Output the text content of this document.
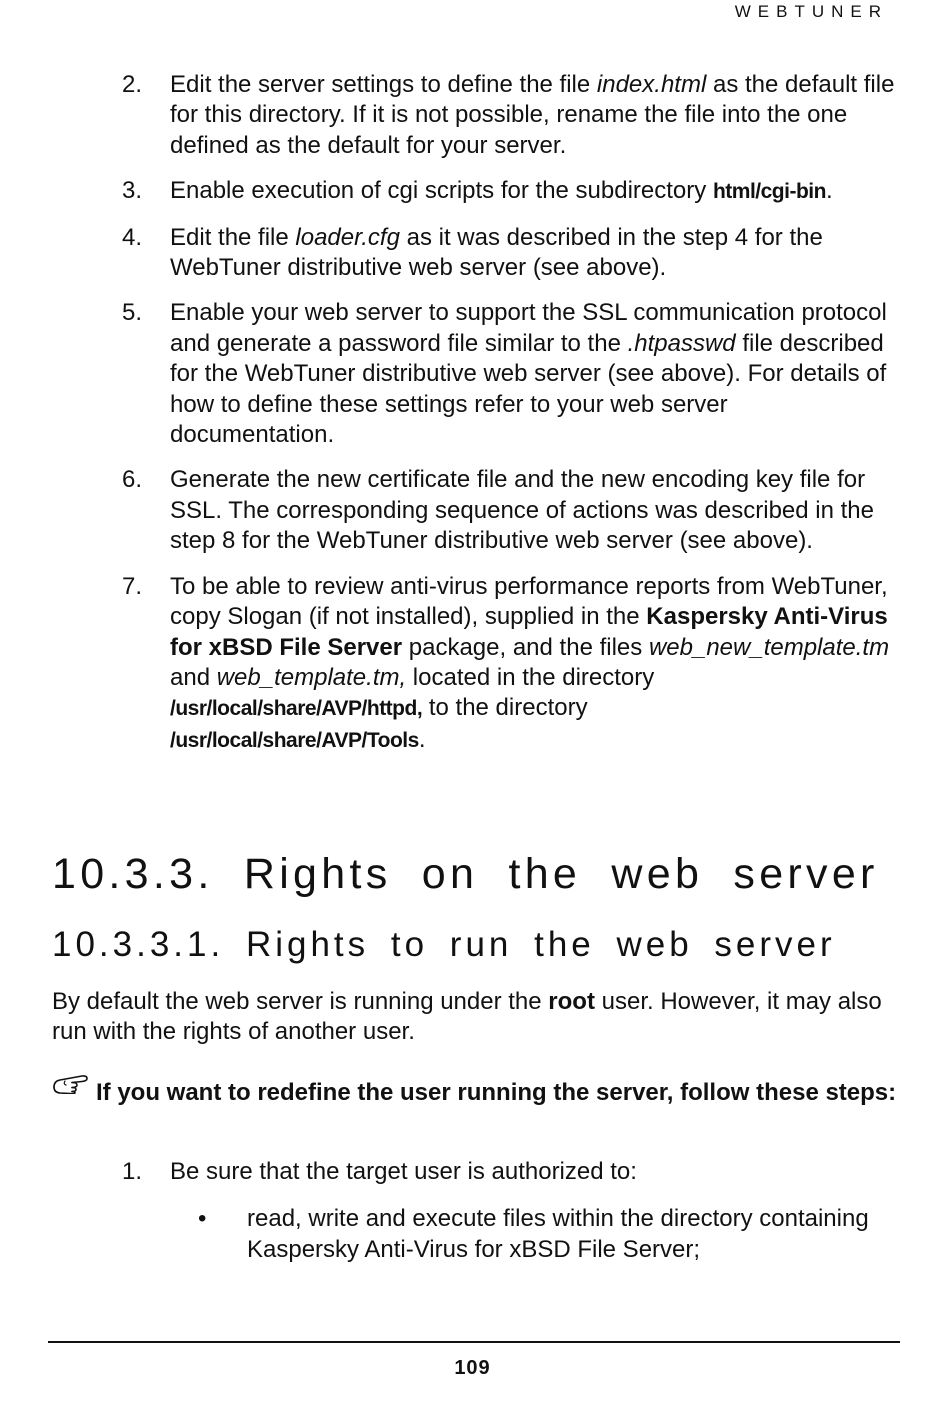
WEBTUNER
2. Edit the server settings to define the file index.html as the default file for this directory. If it is not possible, rename the file into the one defined as the default for your server.
3. Enable execution of cgi scripts for the subdirectory html/cgi-bin.
4. Edit the file loader.cfg as it was described in the step 4 for the WebTuner distributive web server (see above).
5. Enable your web server to support the SSL communication protocol and generate a password file similar to the .htpasswd file described for the WebTuner distributive web server (see above). For details of how to define these settings refer to your web server documentation.
6. Generate the new certificate file and the new encoding key file for SSL. The corresponding sequence of actions was described in the step 8 for the WebTuner distributive web server (see above).
7. To be able to review anti-virus performance reports from WebTuner, copy Slogan (if not installed), supplied in the Kaspersky Anti-Virus for xBSD File Server package, and the files web_new_template.tm and web_template.tm, located in the directory /usr/local/share/AVP/httpd, to the directory
/usr/local/share/AVP/Tools.
10.3.3. Rights on the web server
10.3.3.1. Rights to run the web server

By default the web server is running under the root user. However, it may also run with the rights of another user.

If you want to redefine the user running the server, follow these steps:
1. Be sure that the target user is authorized to:
• read, write and execute files within the directory containing Kaspersky Anti-Virus for xBSD File Server;
109
